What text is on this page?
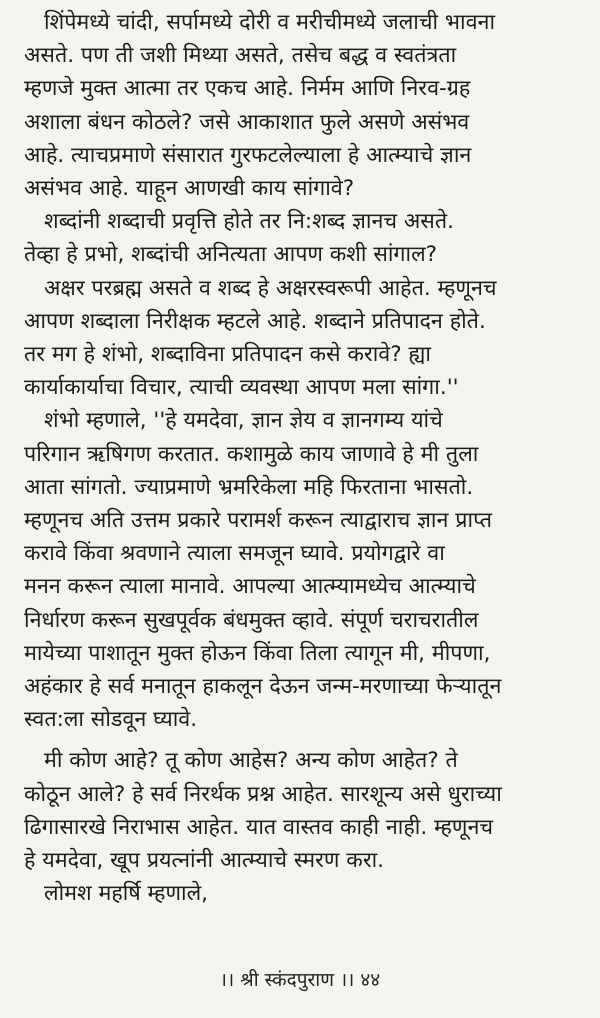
शिंपेमध्ये चांदी, सर्पामध्ये दोरी व मरीचीमध्ये जलाची भावना
असते. पण ती जशी मिथ्या असते, तसेच बद्ध व स्वतंत्रता
म्हणजे मुक्त आत्मा तर एकच आहे. निर्मम आणि निरव-ग्रह
अशाला बंधन कोठले? जसे आकाशात फुले असणे असंभव
आहे. त्याचप्रमाणे संसारात गुरफटलेल्याला हे आत्म्याचे ज्ञान
असंभव आहे. याहून आणखी काय सांगावे?

शब्दांनी शब्दाची प्रवृत्ति होते तर नि:शब्द ज्ञानच असते.
तेव्हा हे प्रभो, शब्दांची अनित्यता आपण कशी सांगाल?

अक्षर परब्रह्म असते व शब्द हे अक्षरस्वरूपी आहेत. म्हणूनच
आपण शब्दाला निरीक्षक म्हटले आहे. शब्दाने प्रतिपादन होते.
तर मग हे शंभो, शब्दाविना प्रतिपादन कसे करावे? ह्या
कार्याकार्याचा विचार, त्याची व्यवस्था आपण मला सांगा.''

शंभो म्हणाले, ''हे यमदेवा, ज्ञान ज्ञेय व ज्ञानगम्य यांचे
परिगान ऋषिगण करतात. कशामुळे काय जाणावे हे मी तुला
आता सांगतो. ज्याप्रमाणे भ्रमरिकेला महि फिरताना भासतो.
म्हणूनच अति उत्तम प्रकारे परामर्श करून त्याद्वाराच ज्ञान प्राप्त
करावे किंवा श्रवणाने त्याला समजून घ्यावे. प्रयोगद्वारे वा
मनन करून त्याला मानावे. आपल्या आत्म्यामध्येच आत्म्याचे
निर्धारण करून सुखपूर्वक बंधमुक्त व्हावे. संपूर्ण चराचरातील
मायेच्या पाशातून मुक्त होऊन किंवा तिला त्यागून मी, मीपणा,
अहंकार हे सर्व मनातून हाकलून देऊन जन्म-मरणाच्या फेऱ्यातून
स्वत:ला सोडवून घ्यावे.

मी कोण आहे? तू कोण आहेस? अन्य कोण आहेत? ते
कोठून आले? हे सर्व निरर्थक प्रश्न आहेत. सारशून्य असे धुराच्या
ढिगासारखे निराभास आहेत. यात वास्तव काही नाही. म्हणूनच
हे यमदेवा, खूप प्रयत्नांनी आत्म्याचे स्मरण करा.

लोमश महर्षि म्हणाले,

।। श्री स्कंदपुराण ।। ४४
